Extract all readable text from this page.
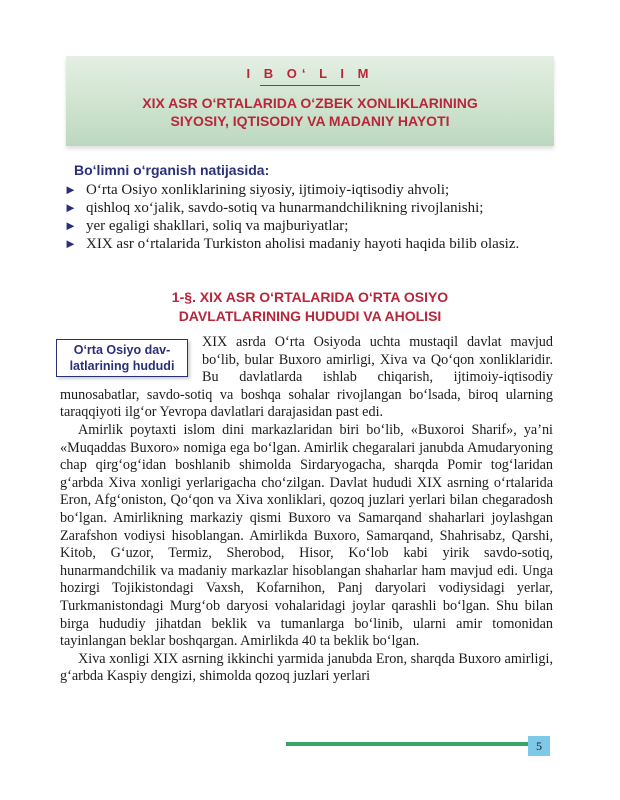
I B O‘ L I M
XIX ASR O‘RTALARIDA O‘ZBEK XONLIKLARINING
SIYOSIY, IQTISODIY VA MADANIY HAYOTI
Bo‘limni o‘rganish natijasida:
► O‘rta Osiyo xonliklarining siyosiy, ijtimoiy-iqtisodiy ahvoli;
► qishloq xo‘jalik, savdo-sotiq va hunarmandchilikning rivojlanishi;
► yer egaligi shakllari, soliq va majburiyatlar;
► XIX asr o‘rtalarida Turkiston aholisi madaniy hayoti haqida bilib olasiz.
1-§. XIX ASR O‘RTALARIDA O‘RTA OSIYO
DAVLATLARINING HUDUDI VA AHOLISI

XIX asrda O‘rta Osiyoda uchta mustaqil davlat mavjud bo‘lib, bular Buxoro amirligi, Xiva va Qo‘qon xonliklaridir. Bu davlatlarda ishlab chiqarish, ijtimoiy-iqtisodiy munosabatlar, savdo-sotiq va boshqa sohalar rivojlangan bo‘lsada, biroq ularning taraqqiyoti ilg‘or Yevropa davlatlari darajasidan past edi.

Amirlik poytaxti islom dini markazlaridan biri bo‘lib, «Buxoroi Sharif», ya’ni «Muqaddas Buxoro» nomiga ega bo‘lgan. Amirlik chegaralari janubda Amudaryoning chap qirg‘og‘idan boshlanib shimolda Sirdaryogacha, sharqda Pomir tog‘laridan g‘arbda Xiva xonligi yerlarigacha cho‘zilgan. Davlat hududi XIX asrning o‘rtalarida Eron, Afg‘oniston, Qo‘qon va Xiva xonliklari, qozoq juzlari yerlari bilan chegaradosh bo‘lgan. Amirlikning markaziy qismi Buxoro va Samarqand shaharlari joylashgan Zarafshon vodiysi hisoblangan. Amirlikda Buxoro, Samarqand, Shahrisabz, Qarshi, Kitob, G‘uzor, Termiz, Sherobod, Hisor, Ko‘lob kabi yirik savdo-sotiq, hunarmandchilik va madaniy markazlar hisoblangan shaharlar ham mavjud edi. Unga hozirgi Tojikistondagi Vaxsh, Kofarnihon, Panj daryolari vodiysidagi yerlar, Turkmanistondagi Murg‘ob daryosi vohalaridagi joylar qarashli bo‘lgan. Shu bilan birga hududiy jihatdan beklik va tumanlarga bo‘linib, ularni amir tomonidan tayinlangan beklar boshqargan. Amirlikda 40 ta beklik bo‘lgan.

Xiva xonligi XIX asrning ikkinchi yarmida janubda Eron, sharqda Buxoro amirligi, g‘arbda Kaspiy dengizi, shimolda qozoq juzlari yerlari

O‘rta Osiyo dav-
latlarining hududi
5
